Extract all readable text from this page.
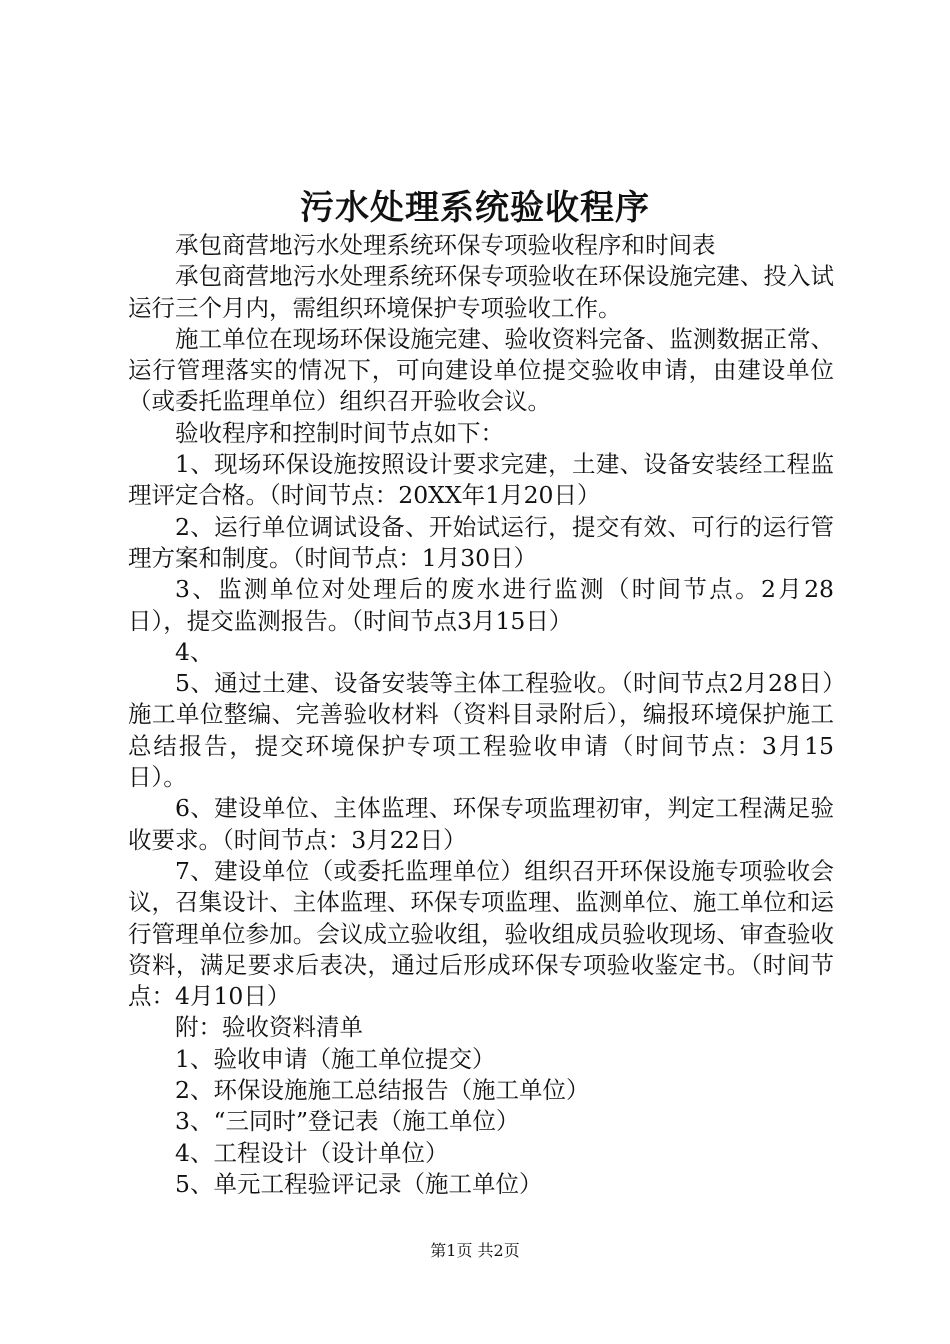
污水处理系统验收程序

承包商营地污水处理系统环保专项验收程序和时间表

承包商营地污水处理系统环保专项验收在环保设施完建、投入试运行三个月内，需组织环境保护专项验收工作。

施工单位在现场环保设施完建、验收资料完备、监测数据正常、运行管理落实的情况下，可向建设单位提交验收申请，由建设单位（或委托监理单位）组织召开验收会议。

验收程序和控制时间节点如下：

1、现场环保设施按照设计要求完建，土建、设备安装经工程监理评定合格。（时间节点：20XX年1月20日）

2、运行单位调试设备、开始试运行，提交有效、可行的运行管理方案和制度。（时间节点：1月30日）

3、监测单位对处理后的废水进行监测（时间节点。2月28日），提交监测报告。（时间节点3月15日）

4、

5、通过土建、设备安装等主体工程验收。（时间节点2月28日）施工单位整编、完善验收材料（资料目录附后），编报环境保护施工总结报告，提交环境保护专项工程验收申请（时间节点：3月15日）。

6、建设单位、主体监理、环保专项监理初审，判定工程满足验收要求。（时间节点：3月22日）

7、建设单位（或委托监理单位）组织召开环保设施专项验收会议，召集设计、主体监理、环保专项监理、监测单位、施工单位和运行管理单位参加。会议成立验收组，验收组成员验收现场、审查验收资料，满足要求后表决，通过后形成环保专项验收鉴定书。（时间节点：4月10日）

附：验收资料清单

1、验收申请（施工单位提交）

2、环保设施施工总结报告（施工单位）

3、“三同时”登记表（施工单位）

4、工程设计（设计单位）

5、单元工程验评记录（施工单位）

第1页 共2页
